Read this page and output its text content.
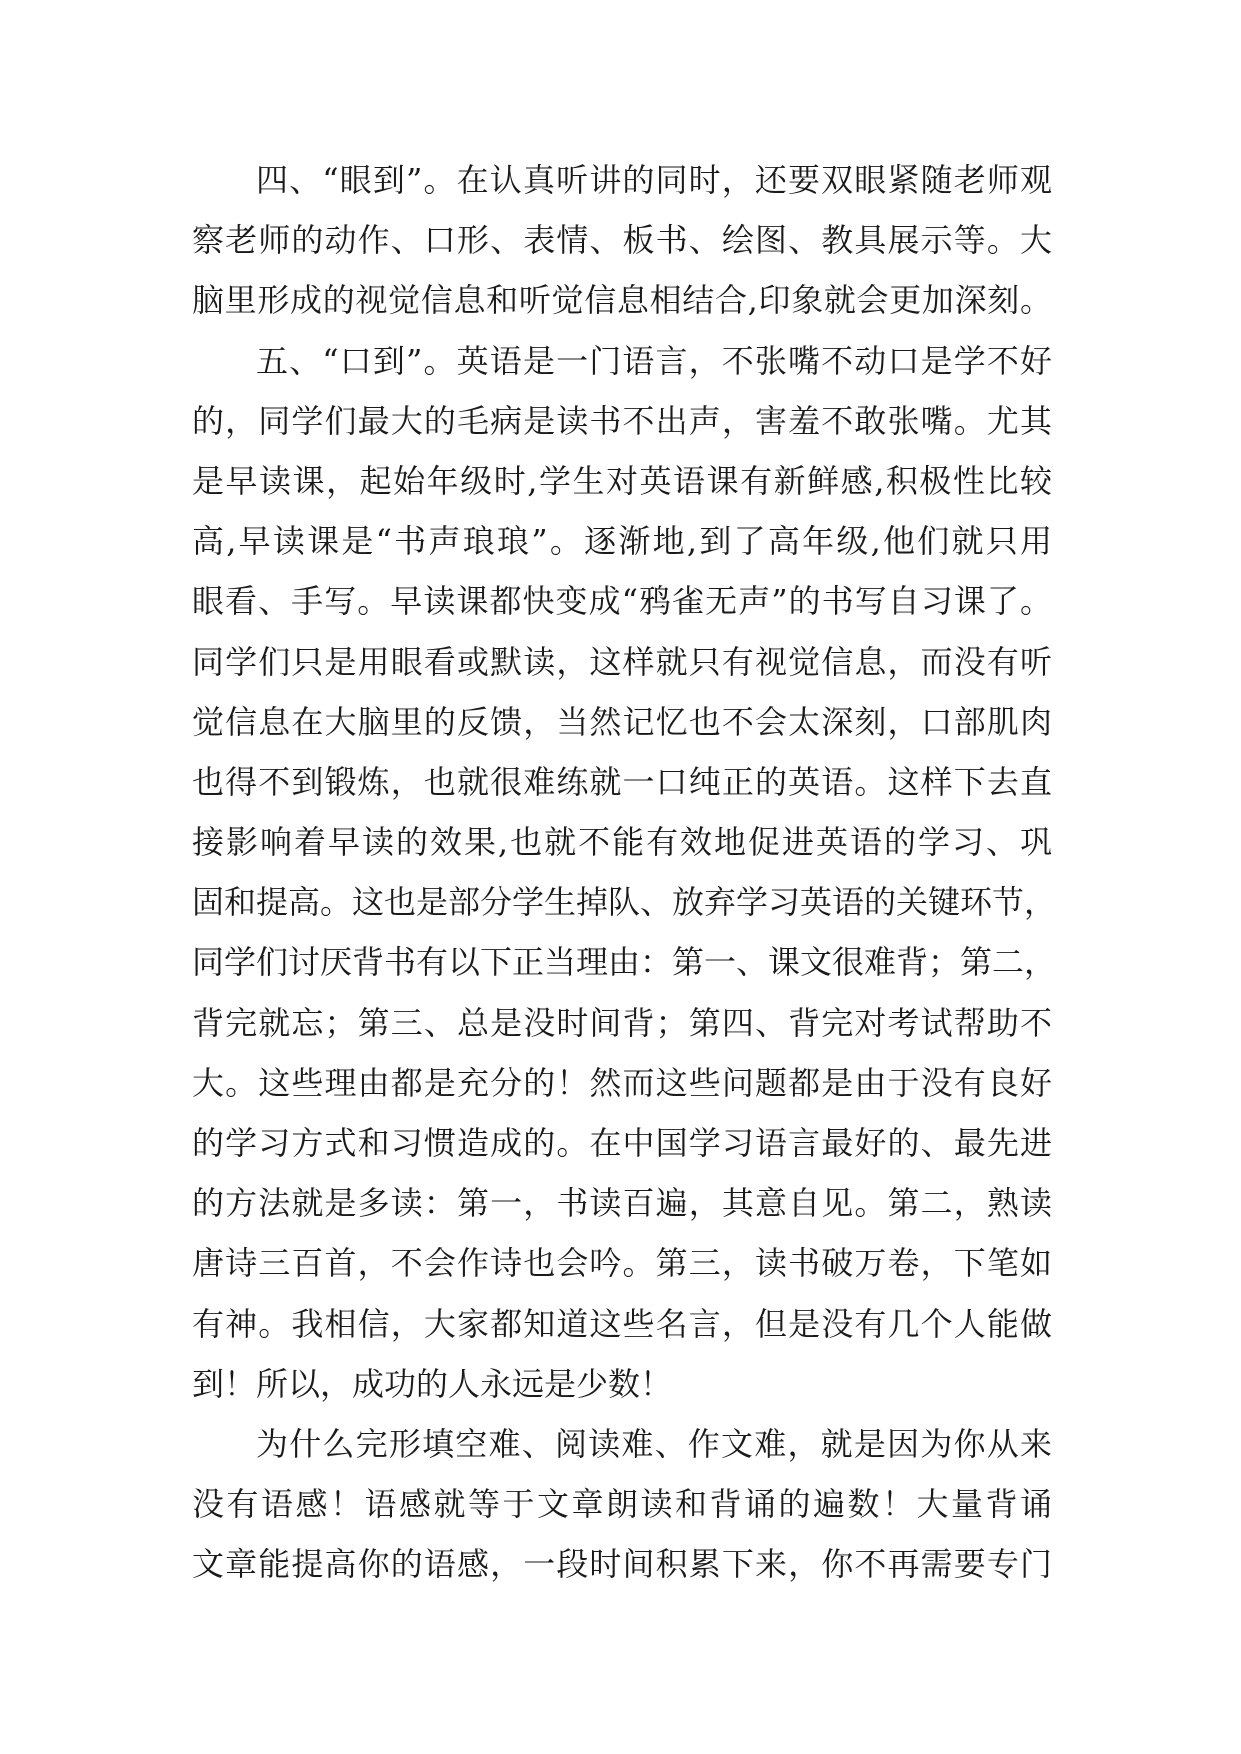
四、“眼到”。在认真听讲的同时，还要双眼紧随老师观
察老师的动作、口形、表情、板书、绘图、教具展示等。大
脑里形成的视觉信息和听觉信息相结合,印象就会更加深刻。
五、“口到”。英语是一门语言，不张嘴不动口是学不好
的，同学们最大的毛病是读书不出声，害羞不敢张嘴。尤其
是早读课，起始年级时,学生对英语课有新鲜感,积极性比较
高,早读课是“书声琅琅”。逐渐地,到了高年级,他们就只用
眼看、手写。早读课都快变成“鸦雀无声”的书写自习课了。
同学们只是用眼看或默读，这样就只有视觉信息，而没有听
觉信息在大脑里的反馈，当然记忆也不会太深刻，口部肌肉
也得不到锻炼，也就很难练就一口纯正的英语。这样下去直
接影响着早读的效果,也就不能有效地促进英语的学习、巩
固和提高。这也是部分学生掉队、放弃学习英语的关键环节，
同学们讨厌背书有以下正当理由：第一、课文很难背；第二，
背完就忘；第三、总是没时间背；第四、背完对考试帮助不
大。这些理由都是充分的！然而这些问题都是由于没有良好
的学习方式和习惯造成的。在中国学习语言最好的、最先进
的方法就是多读：第一，书读百遍，其意自见。第二，熟读
唐诗三百首，不会作诗也会吟。第三，读书破万卷，下笔如
有神。我相信，大家都知道这些名言，但是没有几个人能做
到！所以，成功的人永远是少数！
为什么完形填空难、阅读难、作文难，就是因为你从来
没有语感！语感就等于文章朗读和背诵的遍数！大量背诵
文章能提高你的语感，一段时间积累下来，你不再需要专门
